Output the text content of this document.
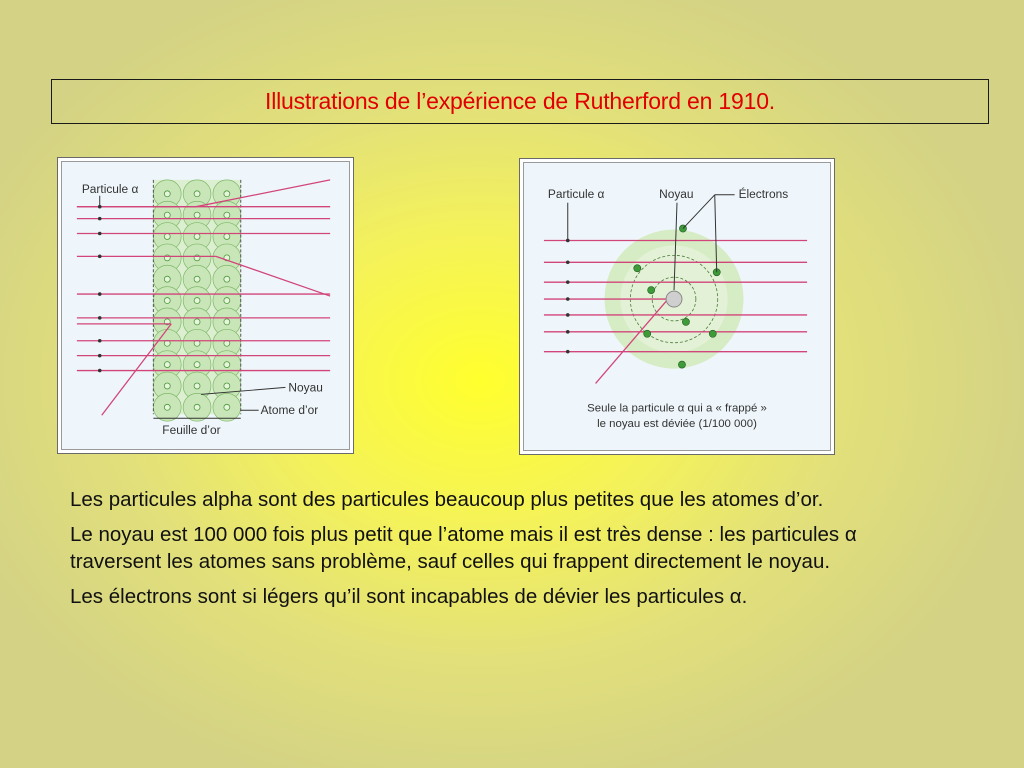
Illustrations de l’expérience de Rutherford en 1910.
Particule α
Noyau
Atome d’or
Feuille d’or
Particule α	Noyau	Électrons
Seule la particule α qui a « frappé »
le noyau est déviée (1/100 000)

Les particules alpha sont des particules beaucoup plus petites que les atomes d’or.

Le noyau est 100 000 fois plus petit que l’atome mais il est très dense : les particules α traversent les atomes sans problème, sauf celles qui frappent directement le noyau.

Les électrons sont si légers qu’il sont incapables de dévier les particules α.
